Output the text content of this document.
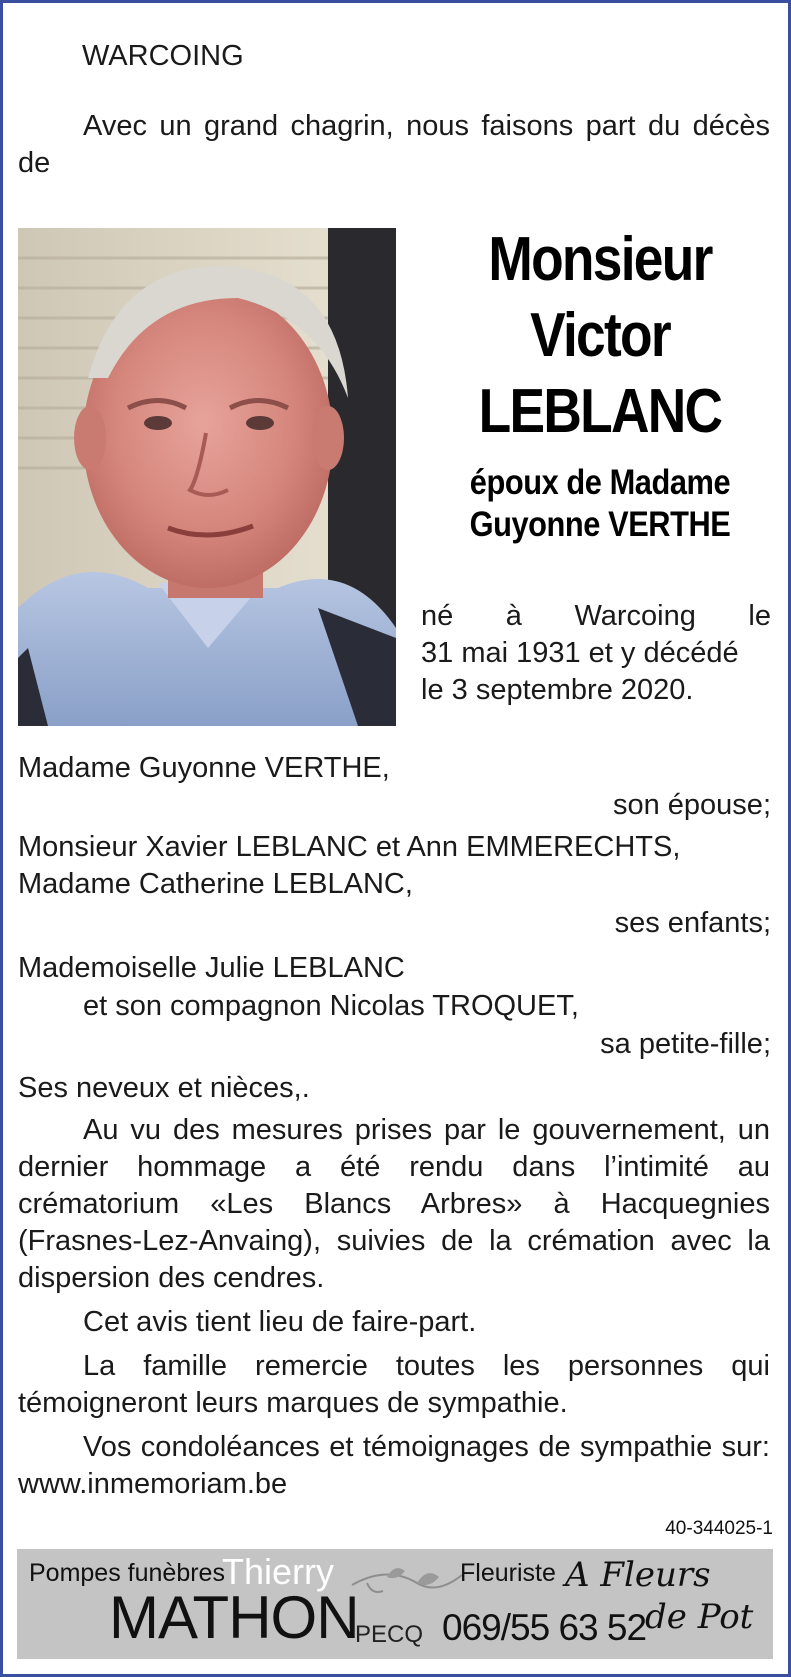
WARCOING

Avec un grand chagrin, nous faisons part du décès de

Monsieur
Victor
LEBLANC
époux de Madame
Guyonne VERTHE
né à Warcoing le
31 mai 1931 et y décédé
le 3 septembre 2020.
Madame Guyonne VERTHE,
son épouse;
Monsieur Xavier LEBLANC et Ann EMMERECHTS,
Madame Catherine LEBLANC,
ses enfants;
Mademoiselle Julie LEBLANC
et son compagnon Nicolas TROQUET,
sa petite-fille;
Ses neveux et nièces,.

Au vu des mesures prises par le gouvernement, un dernier hommage a été rendu dans l’intimité au crématorium «Les Blancs Arbres» à Hacquegnies (Frasnes-Lez-Anvaing), suivies de la crémation avec la dispersion des cendres.

Cet avis tient lieu de faire-part.

La famille remercie toutes les personnes qui témoigneront leurs marques de sympathie.

Vos condoléances et témoignages de sympathie sur: www.inmemoriam.be

40-344025-1
Pompes funèbres
Thierry
MATHON
PECQ 069/55 63 52
Fleuriste A Fleurs
de Pot
